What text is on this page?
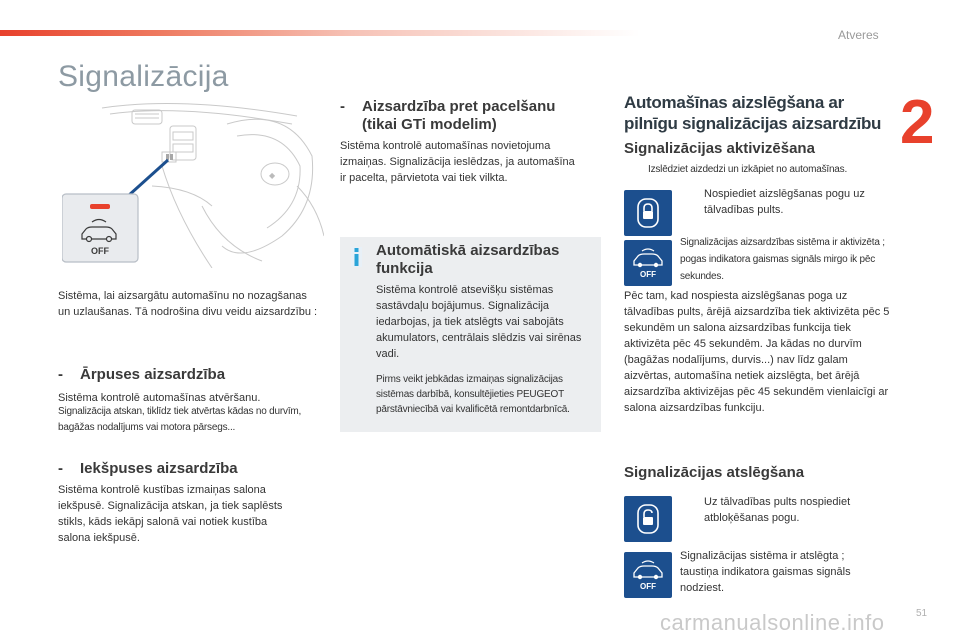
Atveres
2
Signalizācija
◆
OFF
Sistēma, lai aizsargātu automašīnu no nozagšanas un uzlaušanas. Tā nodrošina divu veidu aizsardzību :
- Ārpuses aizsardzība
Sistēma kontrolē automašīnas atvēršanu.
Signalizācija atskan, tiklīdz tiek atvērtas kādas no durvīm, bagāžas nodalījums vai motora pārsegs...
- Iekšpuses aizsardzība
Sistēma kontrolē kustības izmaiņas salona iekšpusē. Signalizācija atskan, ja tiek saplēsts stikls, kāds iekāpj salonā vai notiek kustība salona iekšpusē.
- Aizsardzība pret pacelšanu
(tikai GTi modelim)
Sistēma kontrolē automašīnas novietojuma izmaiņas. Signalizācija ieslēdzas, ja automašīna ir pacelta, pārvietota vai tiek vilkta.
Automātiskā aizsardzības
funkcija
Sistēma kontrolē atsevišķu sistēmas sastāvdaļu bojājumus. Signalizācija iedarbojas, ja tiek atslēgts vai sabojāts akumulators, centrālais slēdzis vai sirēnas vadi.
Pirms veikt jebkādas izmaiņas signalizācijas sistēmas darbībā, konsultējieties PEUGEOT pārstāvniecībā vai kvalificētā remontdarbnīcā.
Automašīnas aizslēgšana ar
pilnīgu signalizācijas aizsardzību
Signalizācijas aktivizēšana
Izslēdziet aizdedzi un izkāpiet no automašīnas.
Nospiediet aizslēgšanas pogu uz tālvadības pults.
OFF
Signalizācijas aizsardzības sistēma ir aktivizēta ; pogas indikatora gaismas signāls mirgo ik pēc sekundes.
Pēc tam, kad nospiesta aizslēgšanas poga uz tālvadības pults, ārējā aizsardzība tiek aktivizēta pēc 5 sekundēm un salona aizsardzības funkcija tiek aktivizēta pēc 45 sekundēm. Ja kādas no durvīm (bagāžas nodalījums, durvis...) nav līdz galam aizvērtas, automašīna netiek aizslēgta, bet ārējā aizsardzība aktivizējas pēc 45 sekundēm vienlaicīgi ar salona aizsardzības funkciju.
Signalizācijas atslēgšana
Uz tālvadības pults nospiediet atbloķēšanas pogu.
OFF
Signalizācijas sistēma ir atslēgta ; taustiņa indikatora gaismas signāls nodziest.
51
carmanualsonline.info
